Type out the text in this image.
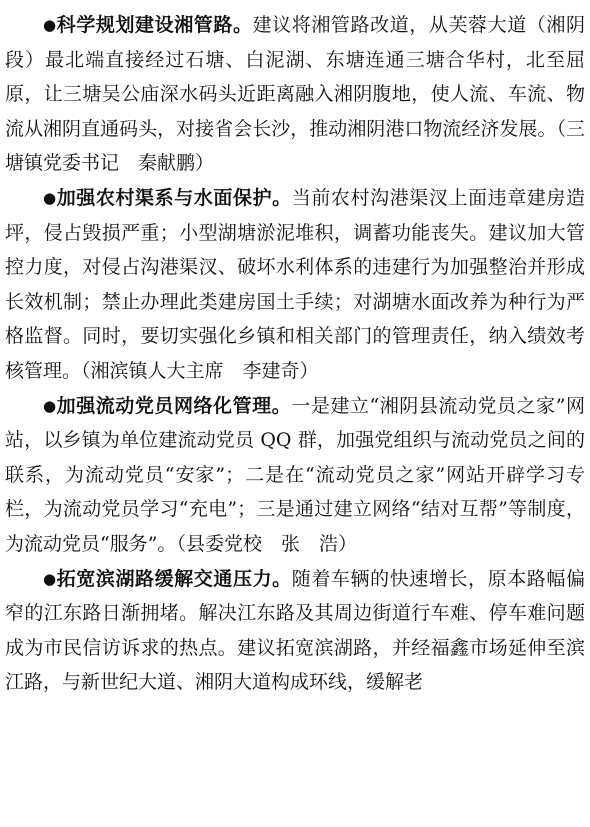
●科学规划建设湘管路。建议将湘管路改道，从芙蓉大道（湘阴段）最北端直接经过石塘、白泥湖、东塘连通三塘合华村，北至屈原，让三塘吴公庙深水码头近距离融入湘阴腹地，使人流、车流、物流从湘阴直通码头，对接省会长沙，推动湘阴港口物流经济发展。（三塘镇党委书记　秦献鹏）

●加强农村渠系与水面保护。当前农村沟港渠汊上面违章建房造坪，侵占毁损严重；小型湖塘淤泥堆积，调蓄功能丧失。建议加大管控力度，对侵占沟港渠汊、破坏水利体系的违建行为加强整治并形成长效机制；禁止办理此类建房国土手续；对湖塘水面改养为种行为严格监督。同时，要切实强化乡镇和相关部门的管理责任，纳入绩效考核管理。（湘滨镇人大主席　李建奇）

●加强流动党员网络化管理。一是建立“湘阴县流动党员之家”网站，以乡镇为单位建流动党员 QQ 群，加强党组织与流动党员之间的联系，为流动党员“安家”；二是在“流动党员之家”网站开辟学习专栏，为流动党员学习“充电”；三是通过建立网络“结对互帮”等制度，为流动党员“服务”。（县委党校　张　浩）

●拓宽滨湖路缓解交通压力。随着车辆的快速增长，原本路幅偏窄的江东路日渐拥堵。解决江东路及其周边街道行车难、停车难问题成为市民信访诉求的热点。建议拓宽滨湖路，并经福鑫市场延伸至滨江路，与新世纪大道、湘阴大道构成环线，缓解老
